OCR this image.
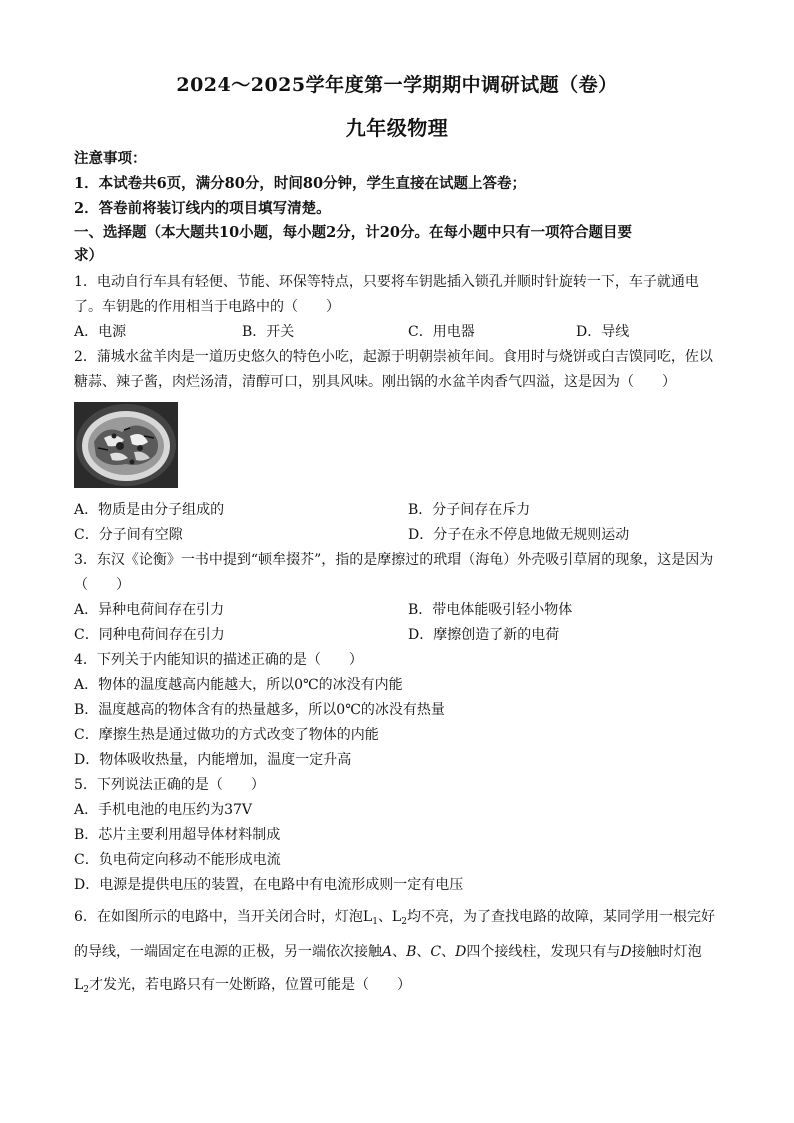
2024～2025学年度第一学期期中调研试题（卷）
九年级物理
注意事项：
1．本试卷共6页，满分80分，时间80分钟，学生直接在试题上答卷；
2．答卷前将装订线内的项目填写清楚。
一、选择题（本大题共10小题，每小题2分，计20分。在每小题中只有一项符合题目要
求）
1．电动自行车具有轻便、节能、环保等特点，只要将车钥匙插入锁孔并顺时针旋转一下，车子就通电
了。车钥匙的作用相当于电路中的（　　）
A．电源	B．开关	C．用电器	D．导线
2．蒲城水盆羊肉是一道历史悠久的特色小吃，起源于明朝崇祯年间。食用时与烧饼或白吉馍同吃，佐以
糖蒜、辣子酱，肉烂汤清，清醇可口，别具风味。刚出锅的水盆羊肉香气四溢，这是因为（　　）
A．物质是由分子组成的	B．分子间存在斥力
C．分子间有空隙	D．分子在永不停息地做无规则运动
3．东汉《论衡》一书中提到“顿牟掇芥”，指的是摩擦过的玳瑁（海龟）外壳吸引草屑的现象，这是因为
（　　）
A．异种电荷间存在引力	B．带电体能吸引轻小物体
C．同种电荷间存在引力	D．摩擦创造了新的电荷
4．下列关于内能知识的描述正确的是（　　）
A．物体的温度越高内能越大，所以0℃的冰没有内能
B．温度越高的物体含有的热量越多，所以0℃的冰没有热量
C．摩擦生热是通过做功的方式改变了物体的内能
D．物体吸收热量，内能增加，温度一定升高
5．下列说法正确的是（　　）
A．手机电池的电压约为37V
B．芯片主要利用超导体材料制成
C．负电荷定向移动不能形成电流
D．电源是提供电压的装置，在电路中有电流形成则一定有电压
6．在如图所示的电路中，当开关闭合时，灯泡$L_1$、$L_2$均不亮，为了查找电路的故障，某同学用一根完好
的导线，一端固定在电源的正极，另一端依次接触A、B、C、D四个接线柱，发现只有与D接触时灯泡
$L_2$才发光，若电路只有一处断路，位置可能是（　　）
